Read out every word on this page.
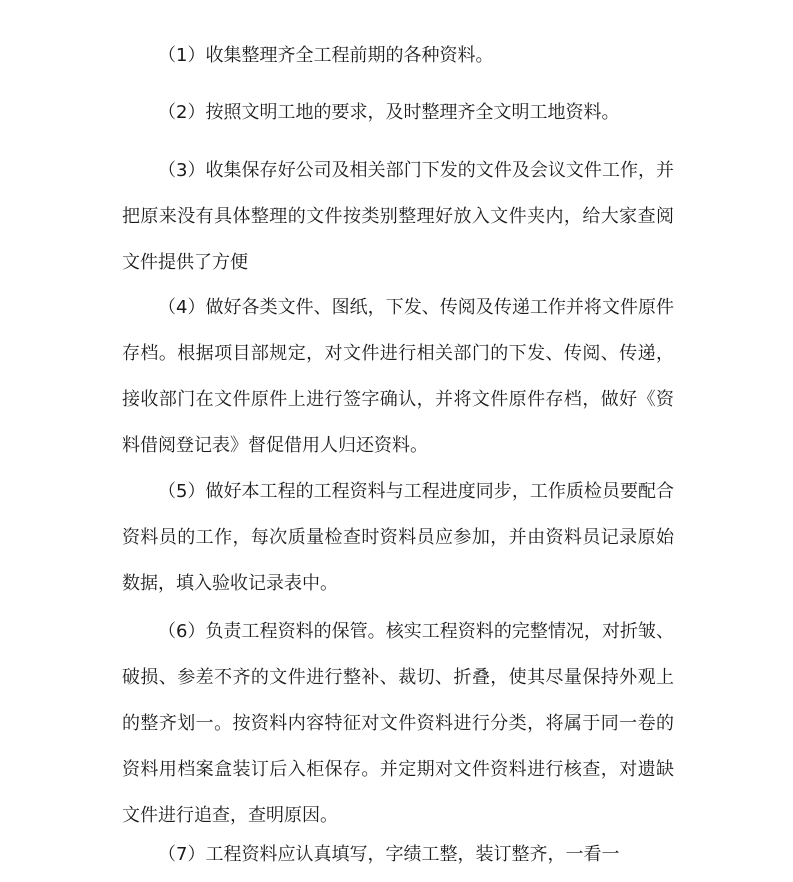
（1）收集整理齐全工程前期的各种资料。

（2）按照文明工地的要求，及时整理齐全文明工地资料。

（3）收集保存好公司及相关部门下发的文件及会议文件工作，并把原来没有具体整理的文件按类别整理好放入文件夹内，给大家查阅文件提供了方便

（4）做好各类文件、图纸，下发、传阅及传递工作并将文件原件存档。根据项目部规定，对文件进行相关部门的下发、传阅、传递，接收部门在文件原件上进行签字确认，并将文件原件存档，做好《资料借阅登记表》督促借用人归还资料。

（5）做好本工程的工程资料与工程进度同步，工作质检员要配合资料员的工作，每次质量检查时资料员应参加，并由资料员记录原始数据，填入验收记录表中。

（6）负责工程资料的保管。核实工程资料的完整情况，对折皱、破损、参差不齐的文件进行整补、裁切、折叠，使其尽量保持外观上的整齐划一。按资料内容特征对文件资料进行分类，将属于同一卷的资料用档案盒装订后入柜保存。并定期对文件资料进行核查，对遗缺文件进行追查，查明原因。

（7）工程资料应认真填写，字绩工整，装订整齐，一看一
